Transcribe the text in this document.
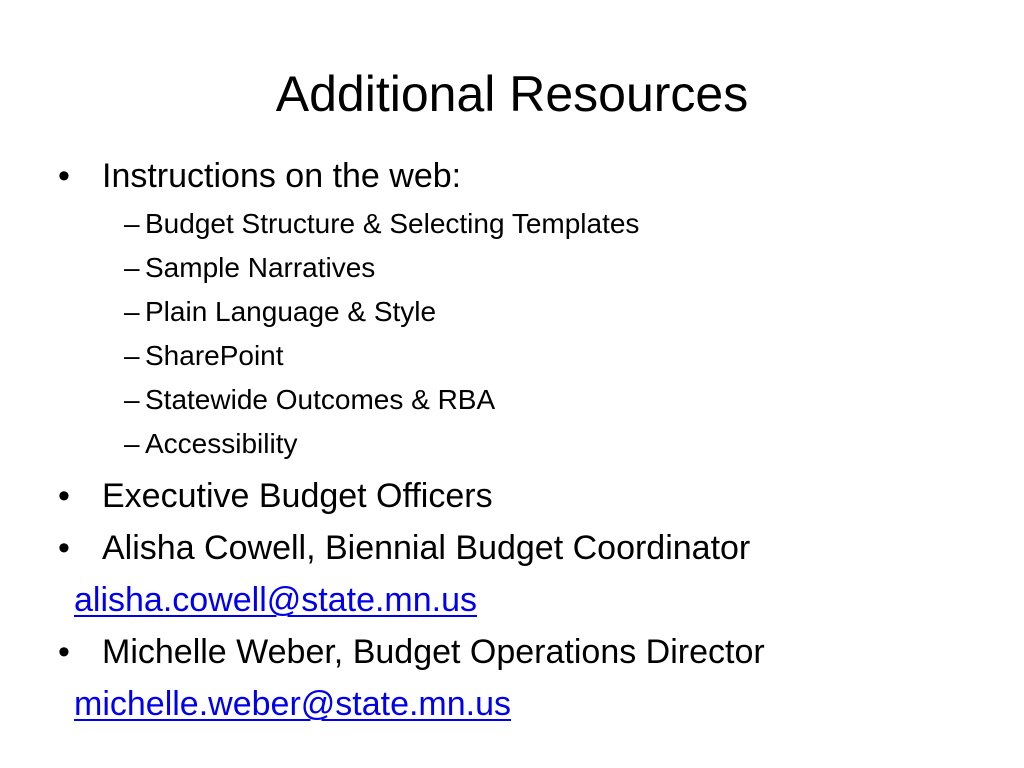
Additional Resources
• Instructions on the web:
– Budget Structure & Selecting Templates
– Sample Narratives
– Plain Language & Style
– SharePoint
– Statewide Outcomes & RBA
– Accessibility
• Executive Budget Officers
• Alisha Cowell, Biennial Budget Coordinator
alisha.cowell@state.mn.us
• Michelle Weber, Budget Operations Director
michelle.weber@state.mn.us
